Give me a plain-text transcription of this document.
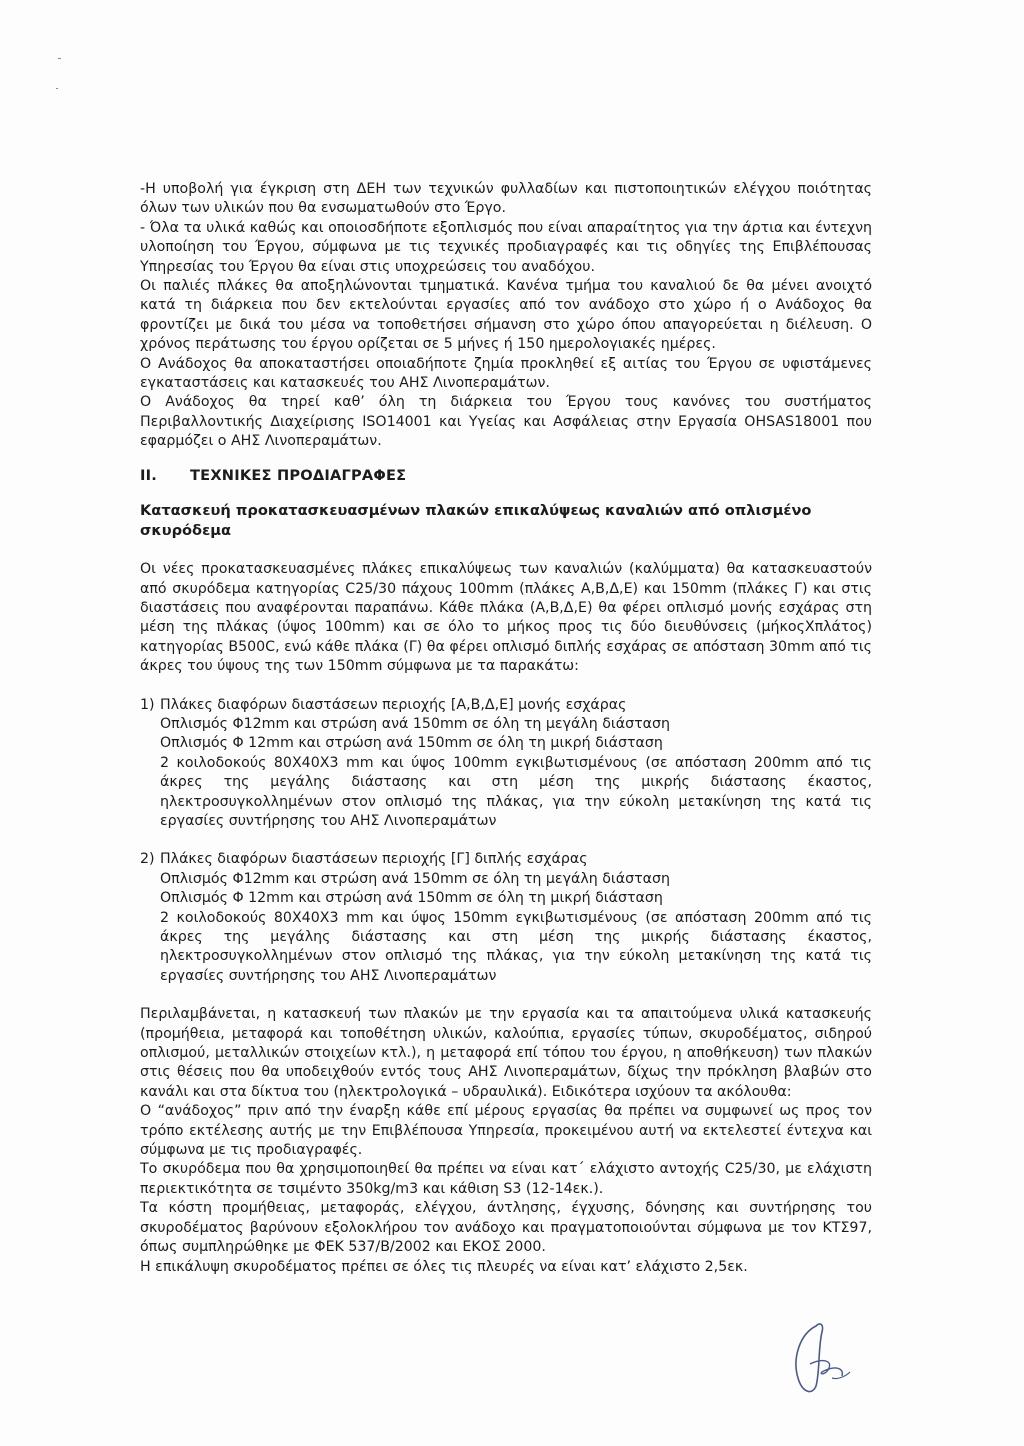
-Η υποβολή για έγκριση στη ΔΕΗ των τεχνικών φυλλαδίων και πιστοποιητικών ελέγχου ποιότητας όλων των υλικών που θα ενσωματωθούν στο Έργο.

- Όλα τα υλικά καθώς και οποιοσδήποτε εξοπλισμός που είναι απαραίτητος για την άρτια και έντεχνη υλοποίηση του Έργου, σύμφωνα με τις τεχνικές προδιαγραφές και τις οδηγίες της Επιβλέπουσας Υπηρεσίας του Έργου θα είναι στις υποχρεώσεις του αναδόχου.

Οι παλιές πλάκες θα αποξηλώνονται τμηματικά. Κανένα τμήμα του καναλιού δε θα μένει ανοιχτό κατά τη διάρκεια που δεν εκτελούνται εργασίες από τον ανάδοχο στο χώρο ή ο Ανάδοχος θα φροντίζει με δικά του μέσα να τοποθετήσει σήμανση στο χώρο όπου απαγορεύεται η διέλευση. Ο χρόνος περάτωσης του έργου ορίζεται σε 5 μήνες ή 150 ημερολογιακές ημέρες.

Ο Ανάδοχος θα αποκαταστήσει οποιαδήποτε ζημία προκληθεί εξ αιτίας του Έργου σε υφιστάμενες εγκαταστάσεις και κατασκευές του ΑΗΣ Λινοπεραμάτων.

Ο Ανάδοχος θα τηρεί καθ’ όλη τη διάρκεια του Έργου τους κανόνες του συστήματος Περιβαλλοντικής Διαχείρισης ISO14001 και Υγείας και Ασφάλειας στην Εργασία OHSAS18001 που εφαρμόζει ο ΑΗΣ Λινοπεραμάτων.

II. ΤΕΧΝΙΚΕΣ ΠΡΟΔΙΑΓΡΑΦΕΣ

Κατασκευή προκατασκευασμένων πλακών επικαλύψεως καναλιών από οπλισμένο σκυρόδεμα

Οι νέες προκατασκευασμένες πλάκες επικαλύψεως των καναλιών (καλύμματα) θα κατασκευαστούν από σκυρόδεμα κατηγορίας C25/30 πάχους 100mm (πλάκες Α,Β,Δ,Ε) και 150mm (πλάκες Γ) και στις διαστάσεις που αναφέρονται παραπάνω. Κάθε πλάκα (Α,Β,Δ,Ε) θα φέρει οπλισμό μονής εσχάρας στη μέση της πλάκας (ύψος 100mm) και σε όλο το μήκος προς τις δύο διευθύνσεις (μήκοςΧπλάτος) κατηγορίας B500C, ενώ κάθε πλάκα (Γ) θα φέρει οπλισμό διπλής εσχάρας σε απόσταση 30mm από τις άκρες του ύψους της των 150mm σύμφωνα με τα παρακάτω:

1) Πλάκες διαφόρων διαστάσεων περιοχής [Α,Β,Δ,Ε] μονής εσχάρας
Οπλισμός Φ12mm και στρώση ανά 150mm σε όλη τη μεγάλη διάσταση
Οπλισμός Φ 12mm και στρώση ανά 150mm σε όλη τη μικρή διάσταση
2 κοιλοδοκούς 80Χ40Χ3 mm και ύψος 100mm εγκιβωτισμένους (σε απόσταση 200mm από τις άκρες της μεγάλης διάστασης και στη μέση της μικρής διάστασης έκαστος, ηλεκτροσυγκολλημένων στον οπλισμό της πλάκας, για την εύκολη μετακίνηση της κατά τις εργασίες συντήρησης του ΑΗΣ Λινοπεραμάτων
2) Πλάκες διαφόρων διαστάσεων περιοχής [Γ] διπλής εσχάρας
Οπλισμός Φ12mm και στρώση ανά 150mm σε όλη τη μεγάλη διάσταση
Οπλισμός Φ 12mm και στρώση ανά 150mm σε όλη τη μικρή διάσταση
2 κοιλοδοκούς 80Χ40Χ3 mm και ύψος 150mm εγκιβωτισμένους (σε απόσταση 200mm από τις άκρες της μεγάλης διάστασης και στη μέση της μικρής διάστασης έκαστος, ηλεκτροσυγκολλημένων στον οπλισμό της πλάκας, για την εύκολη μετακίνηση της κατά τις εργασίες συντήρησης του ΑΗΣ Λινοπεραμάτων

Περιλαμβάνεται, η κατασκευή των πλακών με την εργασία και τα απαιτούμενα υλικά κατασκευής (προμήθεια, μεταφορά και τοποθέτηση υλικών, καλούπια, εργασίες τύπων, σκυροδέματος, σιδηρού οπλισμού, μεταλλικών στοιχείων κτλ.), η μεταφορά επί τόπου του έργου, η αποθήκευση) των πλακών στις θέσεις που θα υποδειχθούν εντός τους ΑΗΣ Λινοπεραμάτων, δίχως την πρόκληση βλαβών στο κανάλι και στα δίκτυα του (ηλεκτρολογικά – υδραυλικά). Ειδικότερα ισχύουν τα ακόλουθα:

Ο “ανάδοχος” πριν από την έναρξη κάθε επί μέρους εργασίας θα πρέπει να συμφωνεί ως προς τον τρόπο εκτέλεσης αυτής με την Επιβλέπουσα Υπηρεσία, προκειμένου αυτή να εκτελεστεί έντεχνα και σύμφωνα με τις προδιαγραφές.

Το σκυρόδεμα που θα χρησιμοποιηθεί θα πρέπει να είναι κατ΄ ελάχιστο αντοχής C25/30, με ελάχιστη περιεκτικότητα σε τσιμέντο 350kg/m3 και κάθιση S3 (12-14εκ.).

Τα κόστη προμήθειας, μεταφοράς, ελέγχου, άντλησης, έγχυσης, δόνησης και συντήρησης του σκυροδέματος βαρύνουν εξολοκλήρου τον ανάδοχο και πραγματοποιούνται σύμφωνα με τον ΚΤΣ97, όπως συμπληρώθηκε με ΦΕΚ 537/Β/2002 και ΕΚΟΣ 2000.

Η επικάλυψη σκυροδέματος πρέπει σε όλες τις πλευρές να είναι κατ’ ελάχιστο 2,5εκ.
